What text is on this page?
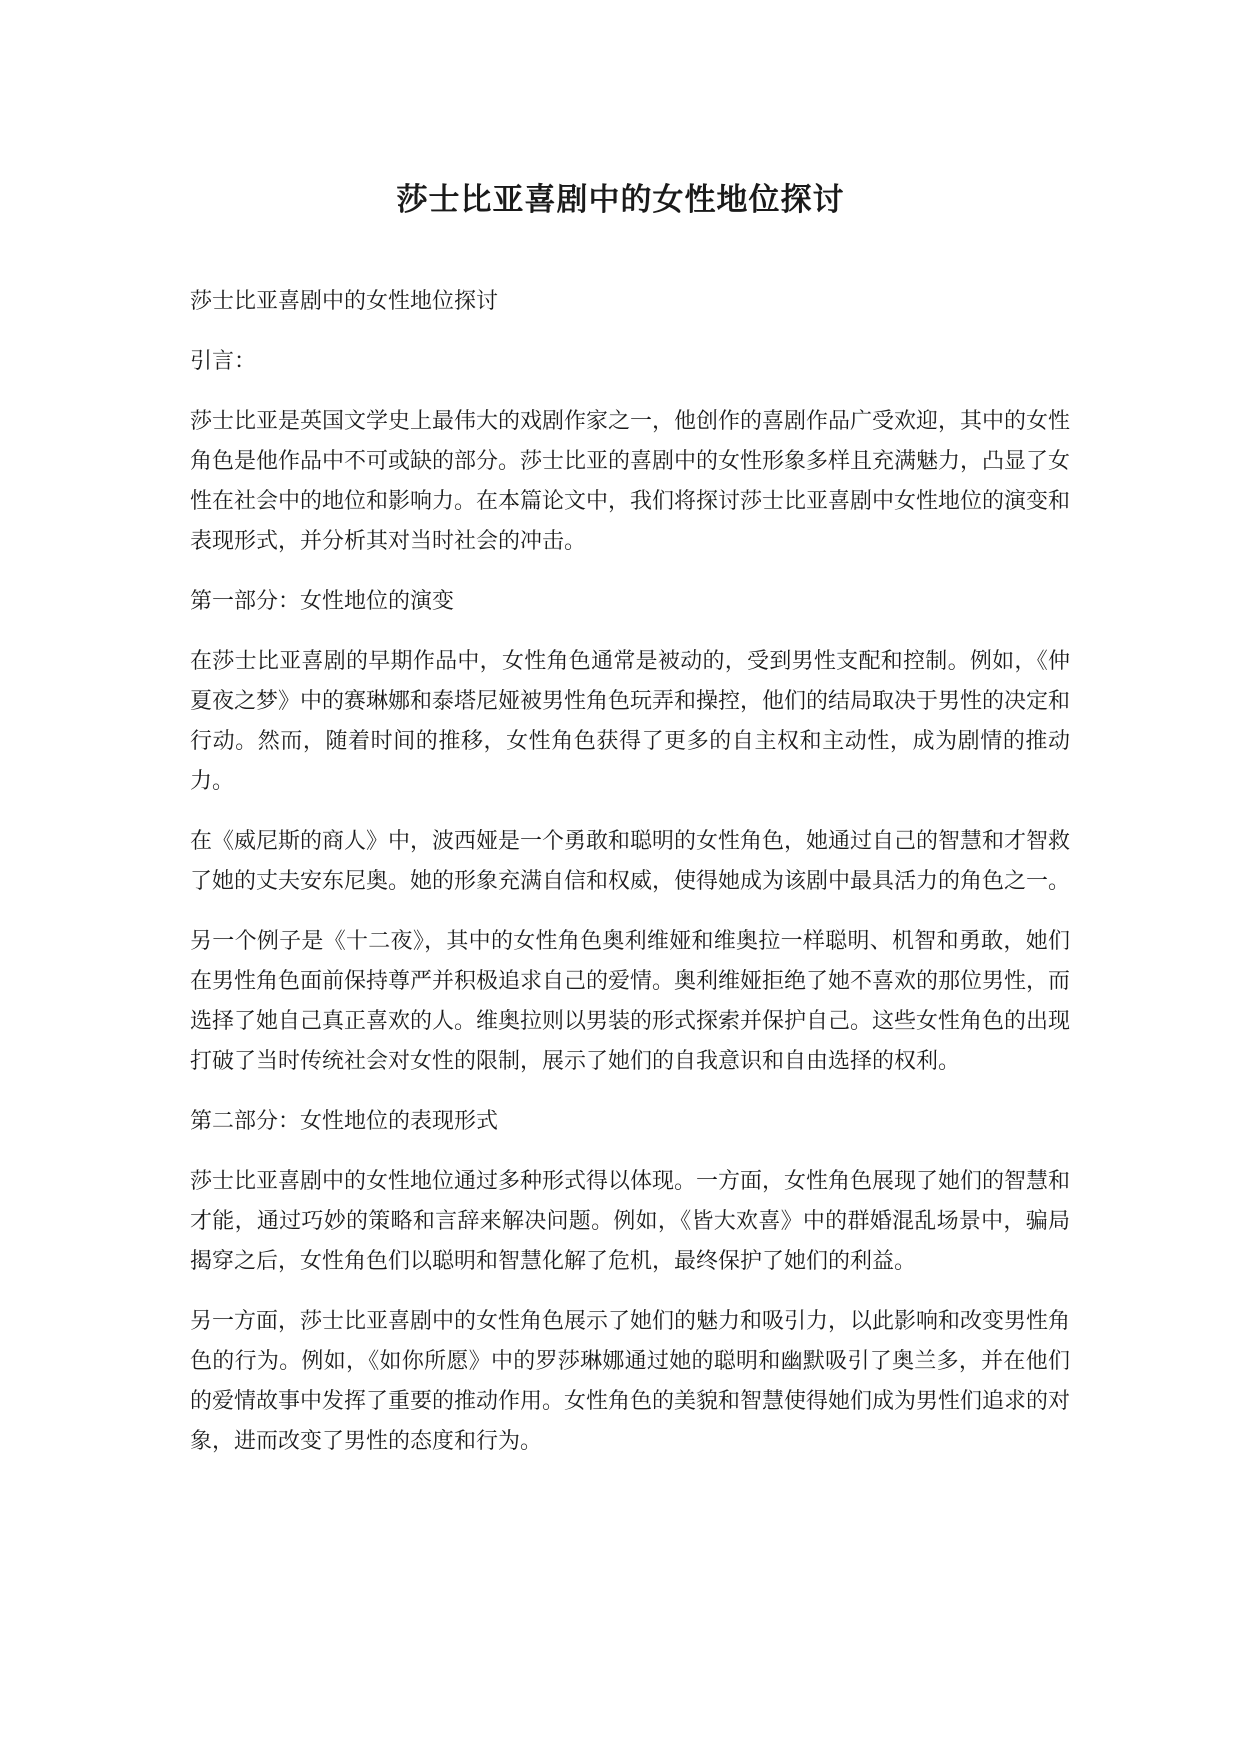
莎士比亚喜剧中的女性地位探讨

莎士比亚喜剧中的女性地位探讨

引言：

莎士比亚是英国文学史上最伟大的戏剧作家之一，他创作的喜剧作品广受欢迎，其中的女性角色是他作品中不可或缺的部分。莎士比亚的喜剧中的女性形象多样且充满魅力，凸显了女性在社会中的地位和影响力。在本篇论文中，我们将探讨莎士比亚喜剧中女性地位的演变和表现形式，并分析其对当时社会的冲击。

第一部分：女性地位的演变

在莎士比亚喜剧的早期作品中，女性角色通常是被动的，受到男性支配和控制。例如，《仲夏夜之梦》中的赛琳娜和泰塔尼娅被男性角色玩弄和操控，他们的结局取决于男性的决定和行动。然而，随着时间的推移，女性角色获得了更多的自主权和主动性，成为剧情的推动力。

在《威尼斯的商人》中，波西娅是一个勇敢和聪明的女性角色，她通过自己的智慧和才智救了她的丈夫安东尼奥。她的形象充满自信和权威，使得她成为该剧中最具活力的角色之一。

另一个例子是《十二夜》，其中的女性角色奥利维娅和维奥拉一样聪明、机智和勇敢，她们在男性角色面前保持尊严并积极追求自己的爱情。奥利维娅拒绝了她不喜欢的那位男性，而选择了她自己真正喜欢的人。维奥拉则以男装的形式探索并保护自己。这些女性角色的出现打破了当时传统社会对女性的限制，展示了她们的自我意识和自由选择的权利。

第二部分：女性地位的表现形式

莎士比亚喜剧中的女性地位通过多种形式得以体现。一方面，女性角色展现了她们的智慧和才能，通过巧妙的策略和言辞来解决问题。例如，《皆大欢喜》中的群婚混乱场景中，骗局揭穿之后，女性角色们以聪明和智慧化解了危机，最终保护了她们的利益。

另一方面，莎士比亚喜剧中的女性角色展示了她们的魅力和吸引力，以此影响和改变男性角色的行为。例如，《如你所愿》中的罗莎琳娜通过她的聪明和幽默吸引了奥兰多，并在他们的爱情故事中发挥了重要的推动作用。女性角色的美貌和智慧使得她们成为男性们追求的对象，进而改变了男性的态度和行为。
